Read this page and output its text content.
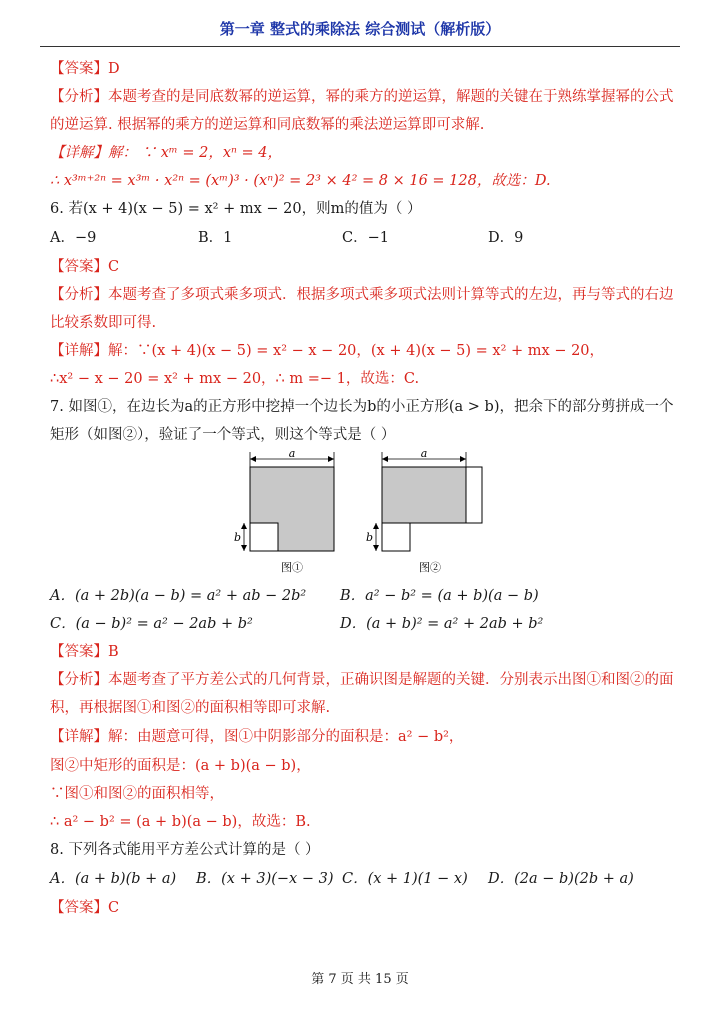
第一章 整式的乘除法 综合测试（解析版）
【答案】D
【分析】本题考查的是同底数幂的逆运算，幂的乘方的逆运算，解题的关键在于熟练掌握幂的公式
的逆运算. 根据幂的乘方的逆运算和同底数幂的乘法逆运算即可求解.
【详解】解： ∵ xᵐ = 2，xⁿ = 4，
∴ x³ᵐ⁺²ⁿ = x³ᵐ · x²ⁿ = (xᵐ)³ · (xⁿ)² = 2³ × 4² = 8 × 16 = 128，故选：D.
6. 若(x + 4)(x − 5) = x² + mx − 20，则m的值为（ ）
A．−9	B．1	C．−1	D．9
【答案】C
【分析】本题考查了多项式乘多项式．根据多项式乘多项式法则计算等式的左边，再与等式的右边
比较系数即可得.
【详解】解：∵(x + 4)(x − 5) = x² − x − 20，(x + 4)(x − 5) = x² + mx − 20，
∴x² − x − 20 = x² + mx − 20，∴ m =− 1，故选：C.
7. 如图①，在边长为a的正方形中挖掉一个边长为b的小正方形(a > b)，把余下的部分剪拼成一个
矩形（如图②），验证了一个等式，则这个等式是（ ）
a
b
图①
a
b
图②
A．(a + 2b)(a − b) = a² + ab − 2b² B．a² − b² = (a + b)(a − b)
C．(a − b)² = a² − 2ab + b²	D．(a + b)² = a² + 2ab + b²
【答案】B
【分析】本题考查了平方差公式的几何背景，正确识图是解题的关键．分别表示出图①和图②的面
积，再根据图①和图②的面积相等即可求解.
【详解】解：由题意可得，图①中阴影部分的面积是：a² − b²，
图②中矩形的面积是：(a + b)(a − b)，
∵图①和图②的面积相等，
∴ a² − b² = (a + b)(a − b)，故选：B.
8. 下列各式能用平方差公式计算的是（ ）
A．(a + b)(b + a) B．(x + 3)(−x − 3) C．(x + 1)(1 − x) D．(2a − b)(2b + a)
【答案】C
第 7 页 共 15 页
